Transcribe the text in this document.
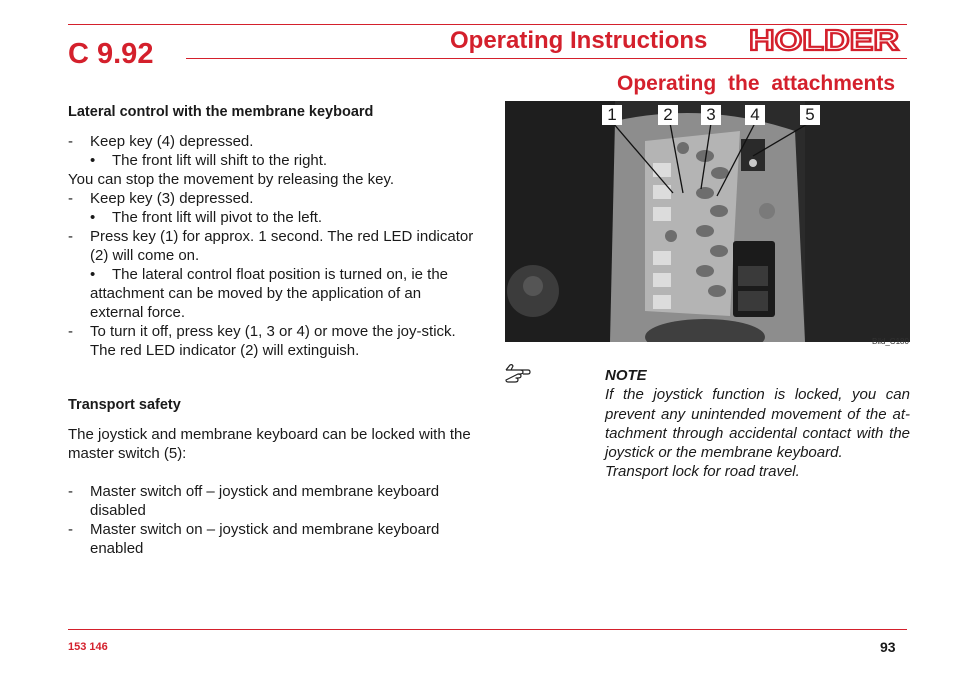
C 9.92	Operating Instructions HOLDER
Operating the attachments

Lateral control with the membrane keyboard

- Keep key (4) depressed.

• The front lift will shift to the right.

You can stop the movement by releasing the key.

- Keep key (3) depressed.

• The front lift will pivot to the left.

- Press key (1) for approx. 1 second. The red LED indicator (2) will come on.

• The lateral control float position is turned on, ie the attachment can be moved by the application of an external force.

- To turn it off, press key (1, 3 or 4) or move the joy-stick. The red LED indicator (2) will extinguish.

Transport safety

The joystick and membrane keyboard can be locked with the master switch (5):

- Master switch off – joystick and membrane keyboard disabled

- Master switch on – joystick and membrane keyboard enabled

1	2	3	4	5
Bild_C180
NOTE
If the joystick function is locked, you can prevent any unintended movement of the at-tachment through accidental contact with the joystick or the membrane keyboard.
Transport lock for road travel.
153 146	93
